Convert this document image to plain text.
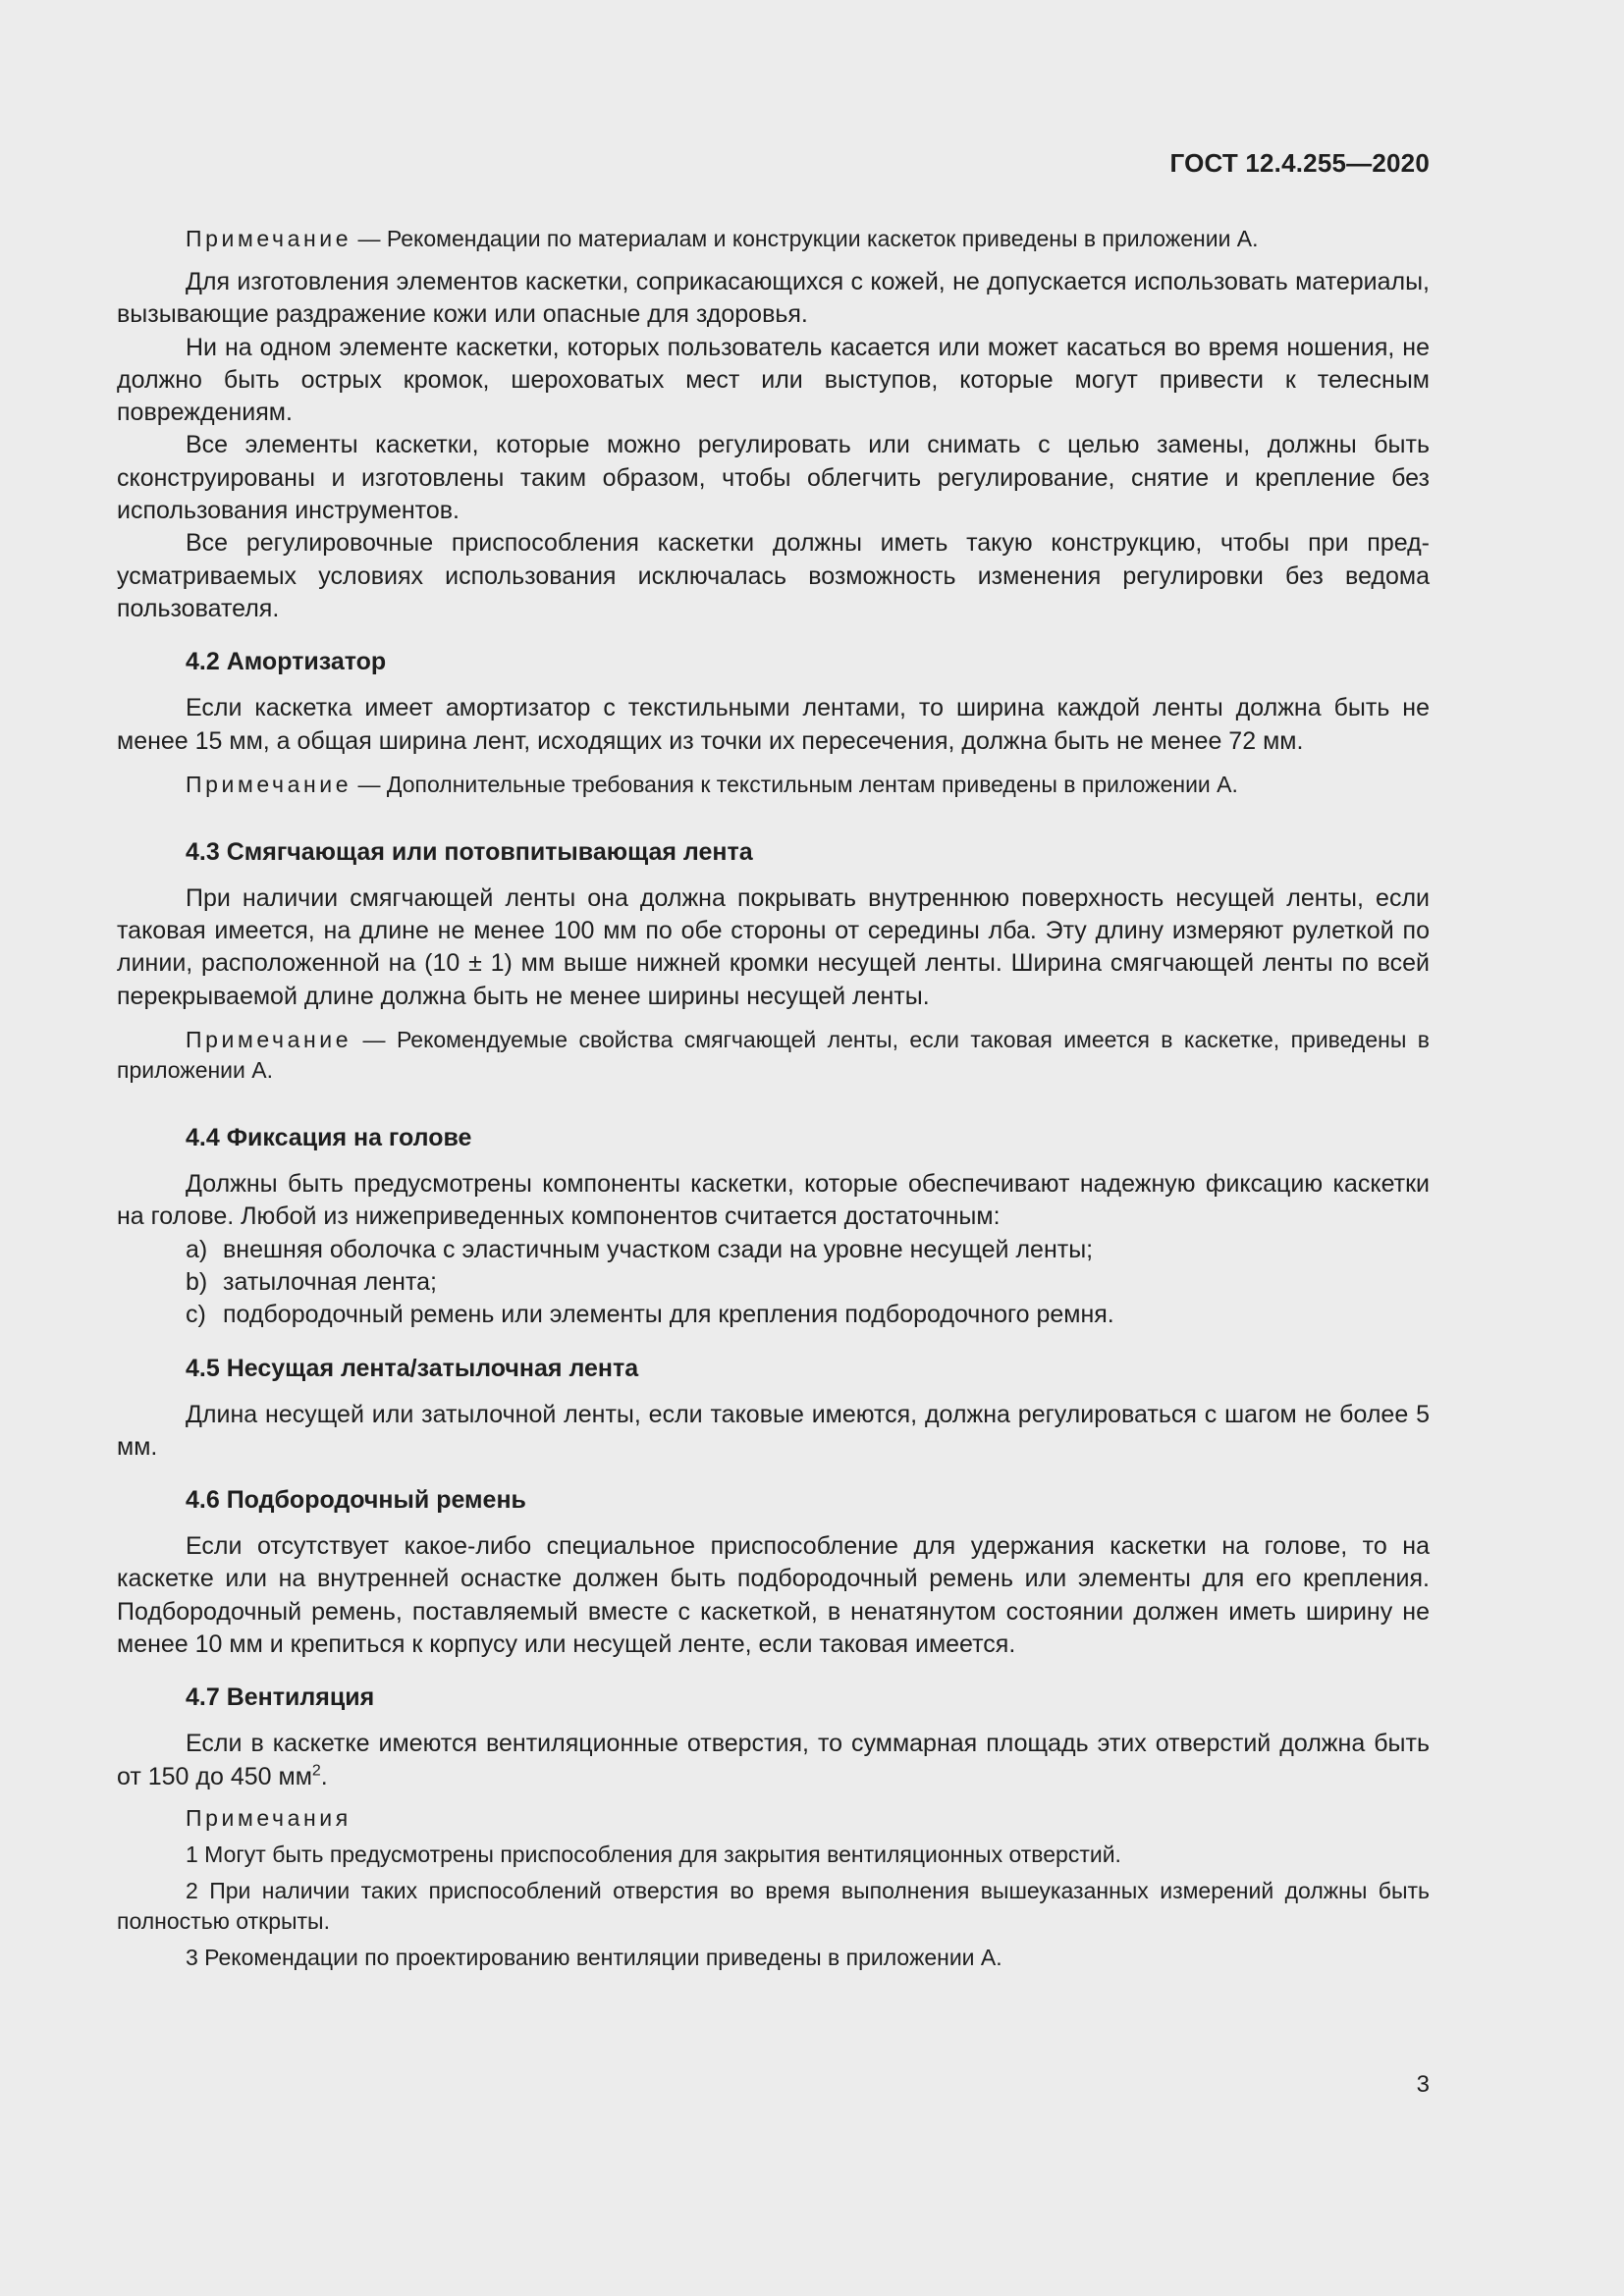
ГОСТ 12.4.255—2020

Примечание — Рекомендации по материалам и конструкции каскеток приведены в приложении А.

Для изготовления элементов каскетки, соприкасающихся с кожей, не допускается использовать материалы, вызывающие раздражение кожи или опасные для здоровья.

Ни на одном элементе каскетки, которых пользователь касается или может касаться во время ношения, не должно быть острых кромок, шероховатых мест или выступов, которые могут привести к телесным повреждениям.

Все элементы каскетки, которые можно регулировать или снимать с целью замены, должны быть сконструированы и изготовлены таким образом, чтобы облегчить регулирование, снятие и крепление без использования инструментов.

Все регулировочные приспособления каскетки должны иметь такую конструкцию, чтобы при предусматриваемых условиях использования исключалась возможность изменения регулировки без ведома пользователя.

4.2 Амортизатор

Если каскетка имеет амортизатор с текстильными лентами, то ширина каждой ленты должна быть не менее 15 мм, а общая ширина лент, исходящих из точки их пересечения, должна быть не менее 72 мм.

Примечание — Дополнительные требования к текстильным лентам приведены в приложении А.

4.3 Смягчающая или потовпитывающая лента

При наличии смягчающей ленты она должна покрывать внутреннюю поверхность несущей ленты, если таковая имеется, на длине не менее 100 мм по обе стороны от середины лба. Эту длину измеряют рулеткой по линии, расположенной на (10 ± 1) мм выше нижней кромки несущей ленты. Ширина смягчающей ленты по всей перекрываемой длине должна быть не менее ширины несущей ленты.

Примечание — Рекомендуемые свойства смягчающей ленты, если таковая имеется в каскетке, приведены в приложении А.

4.4 Фиксация на голове

Должны быть предусмотрены компоненты каскетки, которые обеспечивают надежную фиксацию каскетки на голове. Любой из нижеприведенных компонентов считается достаточным:

a) внешняя оболочка с эластичным участком сзади на уровне несущей ленты;

b) затылочная лента;

c) подбородочный ремень или элементы для крепления подбородочного ремня.

4.5 Несущая лента/затылочная лента

Длина несущей или затылочной ленты, если таковые имеются, должна регулироваться с шагом не более 5 мм.

4.6 Подбородочный ремень

Если отсутствует какое-либо специальное приспособление для удержания каскетки на голове, то на каскетке или на внутренней оснастке должен быть подбородочный ремень или элементы для его крепления. Подбородочный ремень, поставляемый вместе с каскеткой, в ненатянутом состоянии должен иметь ширину не менее 10 мм и крепиться к корпусу или несущей ленте, если таковая имеется.

4.7 Вентиляция

Если в каскетке имеются вентиляционные отверстия, то суммарная площадь этих отверстий должна быть от 150 до 450 $мм^2$.

Примечания

1 Могут быть предусмотрены приспособления для закрытия вентиляционных отверстий.

2 При наличии таких приспособлений отверстия во время выполнения вышеуказанных измерений должны быть полностью открыты.

3 Рекомендации по проектированию вентиляции приведены в приложении А.

3
